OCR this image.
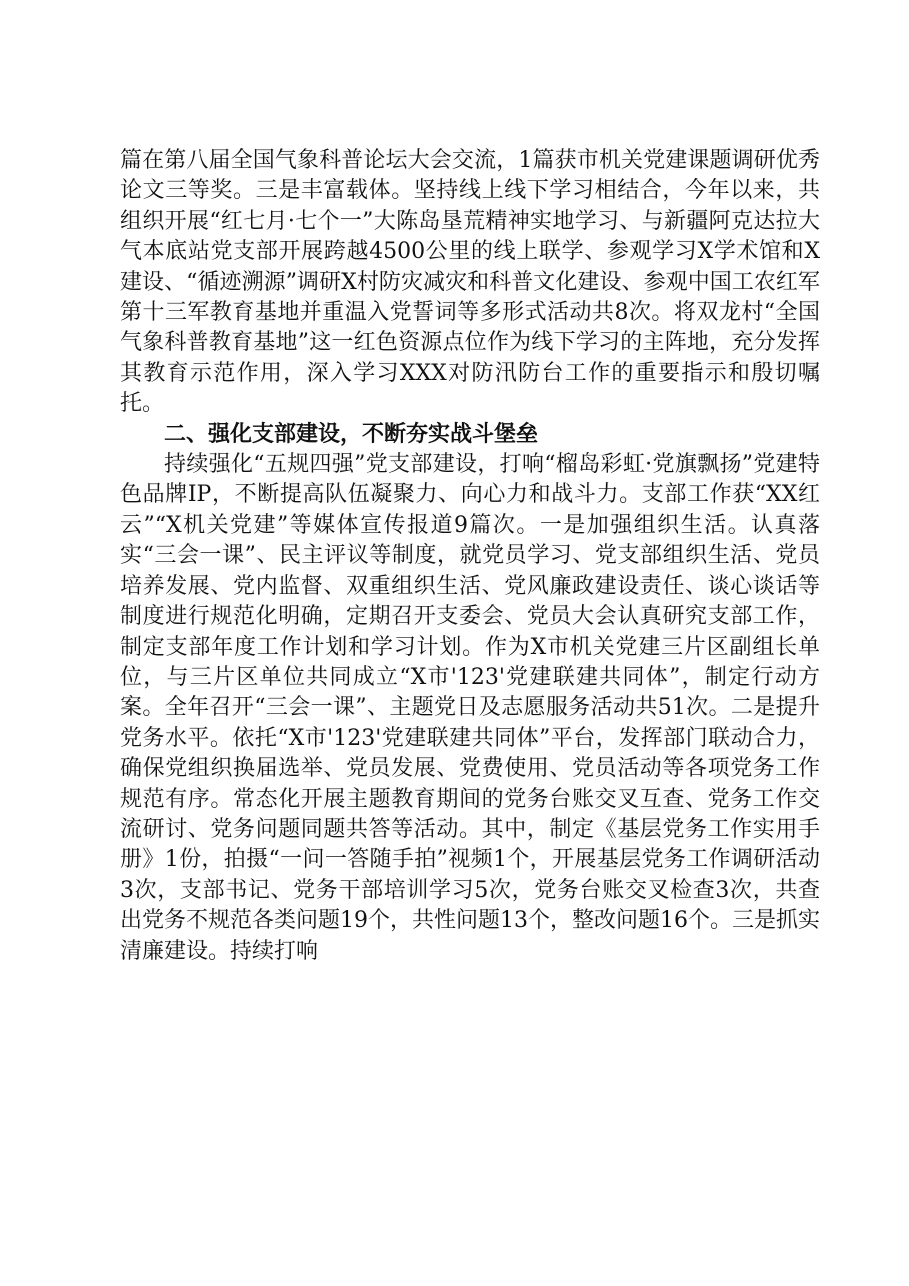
篇在第八届全国气象科普论坛大会交流，1篇获市机关党建课题调研优秀论文三等奖。三是丰富载体。坚持线上线下学习相结合，今年以来，共组织开展“红七月·七个一”大陈岛垦荒精神实地学习、与新疆阿克达拉大气本底站党支部开展跨越4500公里的线上联学、参观学习X学术馆和X建设、“循迹溯源”调研X村防灾减灾和科普文化建设、参观中国工农红军第十三军教育基地并重温入党誓词等多形式活动共8次。将双龙村“全国气象科普教育基地”这一红色资源点位作为线下学习的主阵地，充分发挥其教育示范作用，深入学习XXX对防汛防台工作的重要指示和殷切嘱托。

二、强化支部建设，不断夯实战斗堡垒

持续强化“五规四强”党支部建设，打响“榴岛彩虹·党旗飘扬”党建特色品牌IP，不断提高队伍凝聚力、向心力和战斗力。支部工作获“XX红云”“X机关党建”等媒体宣传报道9篇次。一是加强组织生活。认真落实“三会一课”、民主评议等制度，就党员学习、党支部组织生活、党员培养发展、党内监督、双重组织生活、党风廉政建设责任、谈心谈话等制度进行规范化明确，定期召开支委会、党员大会认真研究支部工作，制定支部年度工作计划和学习计划。作为X市机关党建三片区副组长单位，与三片区单位共同成立“X市'123'党建联建共同体”，制定行动方案。全年召开“三会一课”、主题党日及志愿服务活动共51次。二是提升党务水平。依托“X市'123'党建联建共同体”平台，发挥部门联动合力，确保党组织换届选举、党员发展、党费使用、党员活动等各项党务工作规范有序。常态化开展主题教育期间的党务台账交叉互查、党务工作交流研讨、党务问题同题共答等活动。其中，制定《基层党务工作实用手册》1份，拍摄“一问一答随手拍”视频1个，开展基层党务工作调研活动3次，支部书记、党务干部培训学习5次，党务台账交叉检查3次，共查出党务不规范各类问题19个，共性问题13个，整改问题16个。三是抓实清廉建设。持续打响
